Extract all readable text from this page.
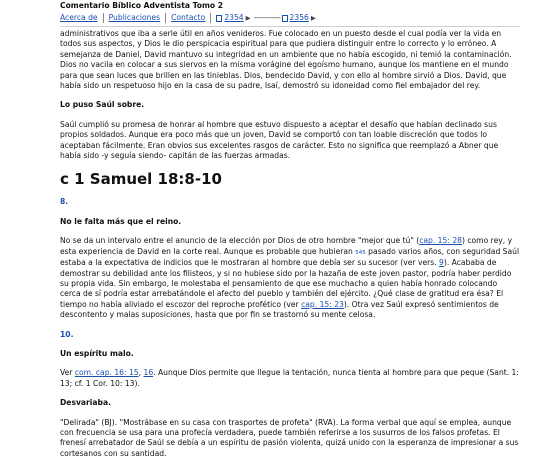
Comentario Bíblico Adventista Tomo 2
Acerca de Publicaciones Contacto	2354 ▶ ------------ 2356 ▶

administrativos que iba a serle útil en años venideros. Fue colocado en un puesto desde el cual podía ver la vida en todos sus aspectos, y Dios le dio perspicacia espiritual para que pudiera distinguir entre lo correcto y lo erróneo. A semejanza de Daniel, David mantuvo su integridad en un ambiente que no había escogido, ni temió la contaminación. Dios no vacila en colocar a sus siervos en la misma vorágine del egoísmo humano, aunque los mantiene en el mundo para que sean luces que brillen en las tinieblas. Dios, bendecido David, y con ello al hombre sirvió a Dios. David, que había sido un respetuoso hijo en la casa de su padre, Isaí, demostró su idoneidad como fiel embajador del rey.

Lo puso Saúl sobre.

Saúl cumplió su promesa de honrar al hombre que estuvo dispuesto a aceptar el desafío que habían declinado sus propios soldados. Aunque era poco más que un joven, David se comportó con tan loable discreción que todos lo aceptaban fácilmente. Eran obvios sus excelentes rasgos de carácter. Esto no significa que reemplazó a Abner que había sido -y seguía siendo- capitán de las fuerzas armadas.

c 1 Samuel 18:8-10
8.

No le falta más que el reino.

No se da un intervalo entre el anuncio de la elección por Dios de otro hombre "mejor que tú" (cap. 15: 28) como rey, y esta experiencia de David en la corte real. Aunque es probable que hubieran 545 pasado varios años, con seguridad Saúl estaba a la expectativa de indicios que le mostraran al hombre que debía ser su sucesor (ver vers. 9). Acababa de demostrar su debilidad ante los filisteos, y si no hubiese sido por la hazaña de este joven pastor, podría haber perdido su propia vida. Sin embargo, le molestaba el pensamiento de que ese muchacho a quien había honrado colocando cerca de sí podría estar arrebatándole el afecto del pueblo y también del ejército. ¿Qué clase de gratitud era ésa? El tiempo no había aliviado el escozor del reproche profético (ver cap. 15: 23). Otra vez Saúl expresó sentimientos de descontento y malas suposiciones, hasta que por fin se trastornó su mente celosa.

10.

Un espíritu malo.

Ver com. cap. 16: 15, 16. Aunque Dios permite que llegue la tentación, nunca tienta al hombre para que peque (Sant. 1: 13; cf. 1 Cor. 10: 13).

Desvariaba.

"Delirada" (BJ). "Mostrábase en su casa con trasportes de profeta" (RVA). La forma verbal que aquí se emplea, aunque con frecuencia se usa para una profecía verdadera, puede también referirse a los susurros de los falsos profetas. El frenesí arrebatador de Saúl se debía a un espíritu de pasión violenta, quizá unido con la esperanza de impresionar a sus cortesanos con su santidad.
